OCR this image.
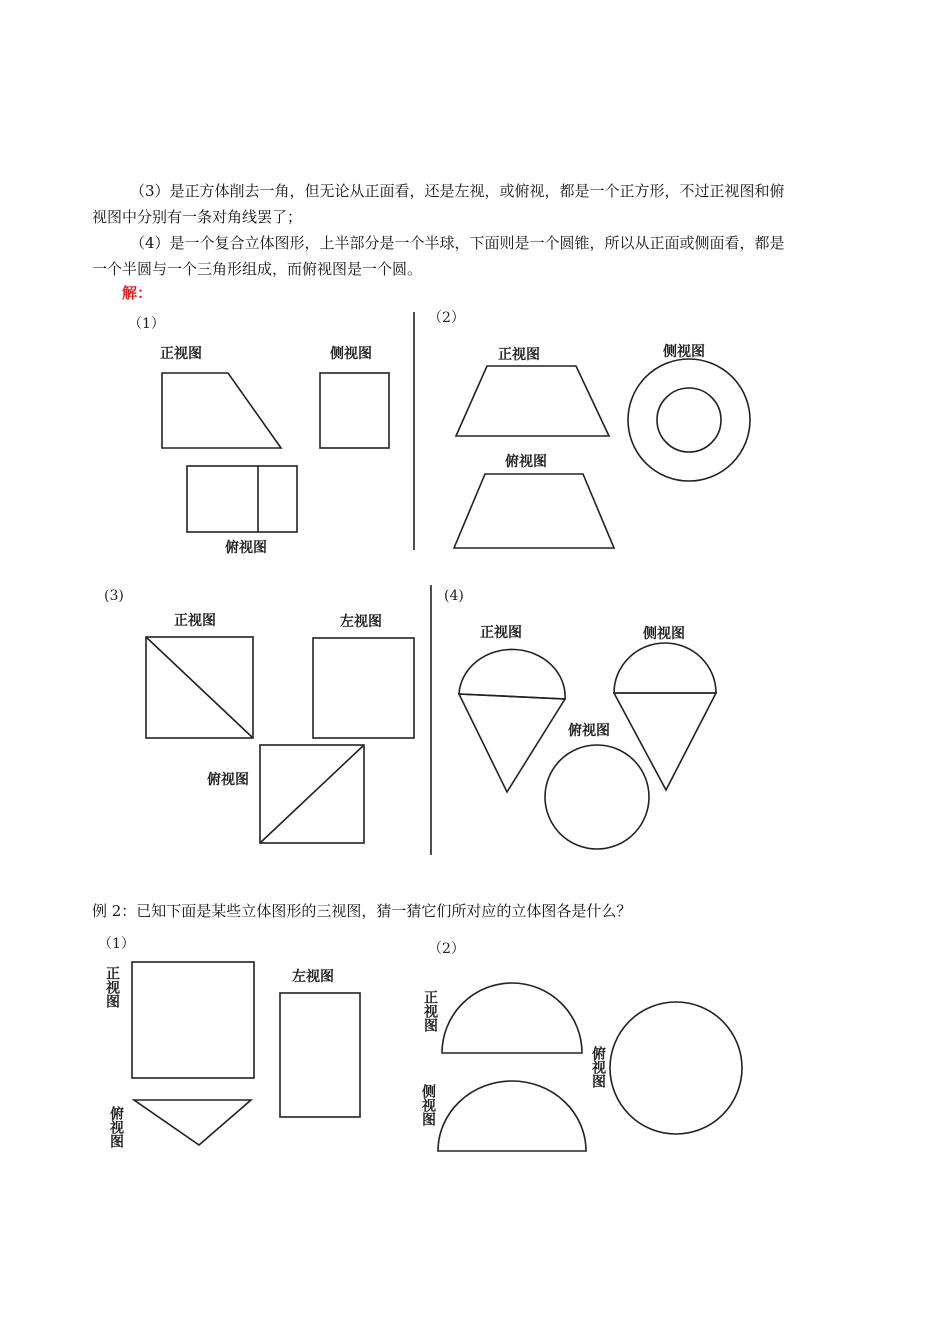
（3）是正方体削去一角，但无论从正面看，还是左视，或俯视，都是一个正方形，不过正视图和俯
视图中分别有一条对角线罢了；
（4）是一个复合立体图形，上半部分是一个半球，下面则是一个圆锥，所以从正面或侧面看，都是
一个半圆与一个三角形组成，而俯视图是一个圆。
解：
（1）
正视图	侧视图
俯视图
（2）
正视图	侧视图
俯视图
(3)
正视图	左视图
俯视图
(4)
正视图	侧视图
俯视图
（1）
正视图	左视图
俯视图
（2）
正视图
侧视图
俯视图
例 2：已知下面是某些立体图形的三视图，猜一猜它们所对应的立体图各是什么？
